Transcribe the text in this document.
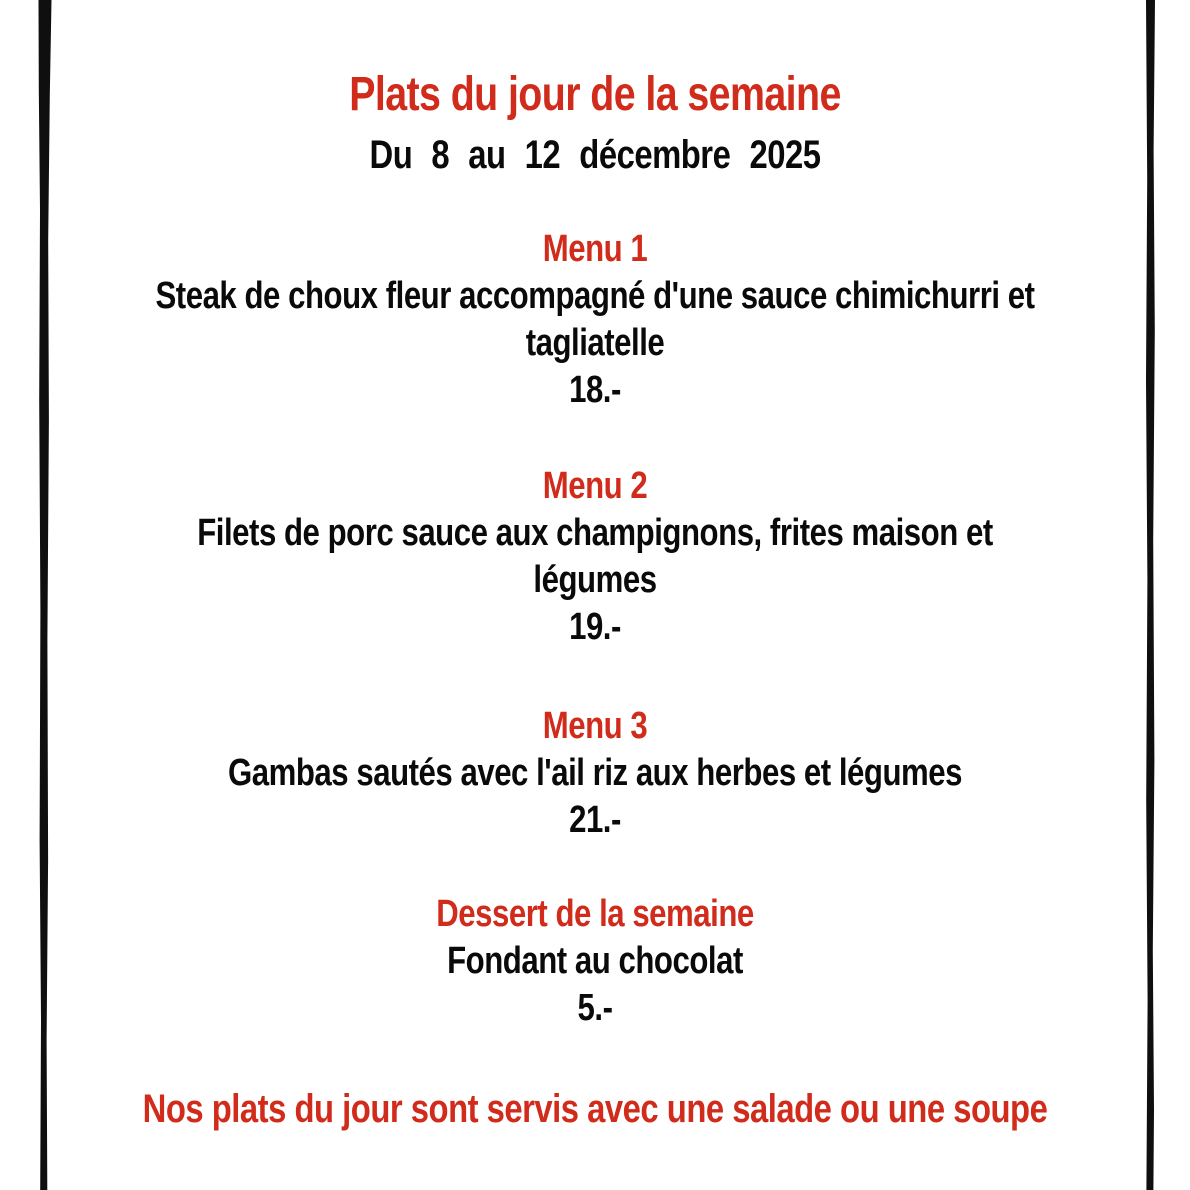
Plats du jour de la semaine
Du 8 au 12 décembre 2025
Menu 1
Steak de choux fleur accompagné d'une sauce chimichurri et
tagliatelle
18.-
Menu 2
Filets de porc sauce aux champignons, frites maison et
légumes
19.-
Menu 3
Gambas sautés avec l'ail riz aux herbes et légumes
21.-
Dessert de la semaine
Fondant au chocolat
5.-
Nos plats du jour sont servis avec une salade ou une soupe
